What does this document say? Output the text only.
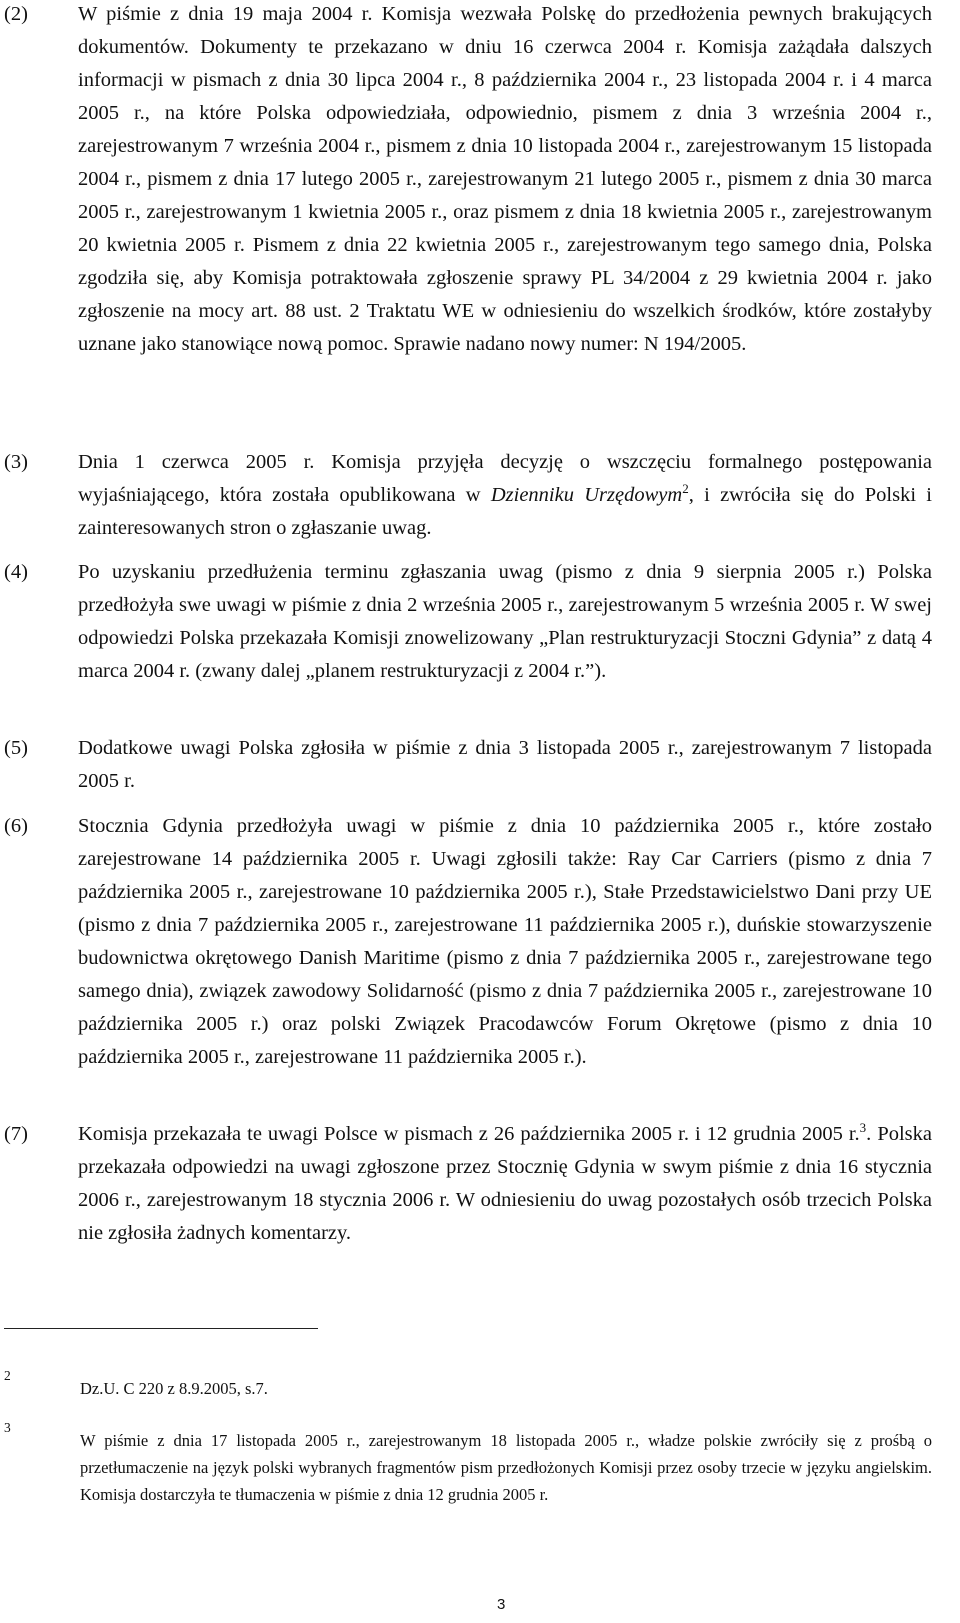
(2) W piśmie z dnia 19 maja 2004 r. Komisja wezwała Polskę do przedłożenia pewnych brakujących dokumentów. Dokumenty te przekazano w dniu 16 czerwca 2004 r. Komisja zażądała dalszych informacji w pismach z dnia 30 lipca 2004 r., 8 października 2004 r., 23 listopada 2004 r. i 4 marca 2005 r., na które Polska odpowiedziała, odpowiednio, pismem z dnia 3 września 2004 r., zarejestrowanym 7 września 2004 r., pismem z dnia 10 listopada 2004 r., zarejestrowanym 15 listopada 2004 r., pismem z dnia 17 lutego 2005 r., zarejestrowanym 21 lutego 2005 r., pismem z dnia 30 marca 2005 r., zarejestrowanym 1 kwietnia 2005 r., oraz pismem z dnia 18 kwietnia 2005 r., zarejestrowanym 20 kwietnia 2005 r. Pismem z dnia 22 kwietnia 2005 r., zarejestrowanym tego samego dnia, Polska zgodziła się, aby Komisja potraktowała zgłoszenie sprawy PL 34/2004 z 29 kwietnia 2004 r. jako zgłoszenie na mocy art. 88 ust. 2 Traktatu WE w odniesieniu do wszelkich środków, które zostałyby uznane jako stanowiące nową pomoc. Sprawie nadano nowy numer: N 194/2005.
(3) Dnia 1 czerwca 2005 r. Komisja przyjęła decyzję o wszczęciu formalnego postępowania wyjaśniającego, która została opublikowana w Dzienniku Urzędowym$^2$, i zwróciła się do Polski i zainteresowanych stron o zgłaszanie uwag.
(4) Po uzyskaniu przedłużenia terminu zgłaszania uwag (pismo z dnia 9 sierpnia 2005 r.) Polska przedłożyła swe uwagi w piśmie z dnia 2 września 2005 r., zarejestrowanym 5 września 2005 r. W swej odpowiedzi Polska przekazała Komisji znowelizowany „Plan restrukturyzacji Stoczni Gdynia” z datą 4 marca 2004 r. (zwany dalej „planem restrukturyzacji z 2004 r.”).
(5) Dodatkowe uwagi Polska zgłosiła w piśmie z dnia 3 listopada 2005 r., zarejestrowanym 7 listopada 2005 r.
(6) Stocznia Gdynia przedłożyła uwagi w piśmie z dnia 10 października 2005 r., które zostało zarejestrowane 14 października 2005 r. Uwagi zgłosili także: Ray Car Carriers (pismo z dnia 7 października 2005 r., zarejestrowane 10 października 2005 r.), Stałe Przedstawicielstwo Dani przy UE (pismo z dnia 7 października 2005 r., zarejestrowane 11 października 2005 r.), duńskie stowarzyszenie budownictwa okrętowego Danish Maritime (pismo z dnia 7 października 2005 r., zarejestrowane tego samego dnia), związek zawodowy Solidarność (pismo z dnia 7 października 2005 r., zarejestrowane 10 października 2005 r.) oraz polski Związek Pracodawców Forum Okrętowe (pismo z dnia 10 października 2005 r., zarejestrowane 11 października 2005 r.).
(7) Komisja przekazała te uwagi Polsce w pismach z 26 października 2005 r. i 12 grudnia 2005 r.$^3$. Polska przekazała odpowiedzi na uwagi zgłoszone przez Stocznię Gdynia w swym piśmie z dnia 16 stycznia 2006 r., zarejestrowanym 18 stycznia 2006 r. W odniesieniu do uwag pozostałych osób trzecich Polska nie zgłosiła żadnych komentarzy.
2
Dz.U. C 220 z 8.9.2005, s.7.
3
W piśmie z dnia 17 listopada 2005 r., zarejestrowanym 18 listopada 2005 r., władze polskie zwróciły się z prośbą o przetłumaczenie na język polski wybranych fragmentów pism przedłożonych Komisji przez osoby trzecie w języku angielskim. Komisja dostarczyła te tłumaczenia w piśmie z dnia 12 grudnia 2005 r.
3
